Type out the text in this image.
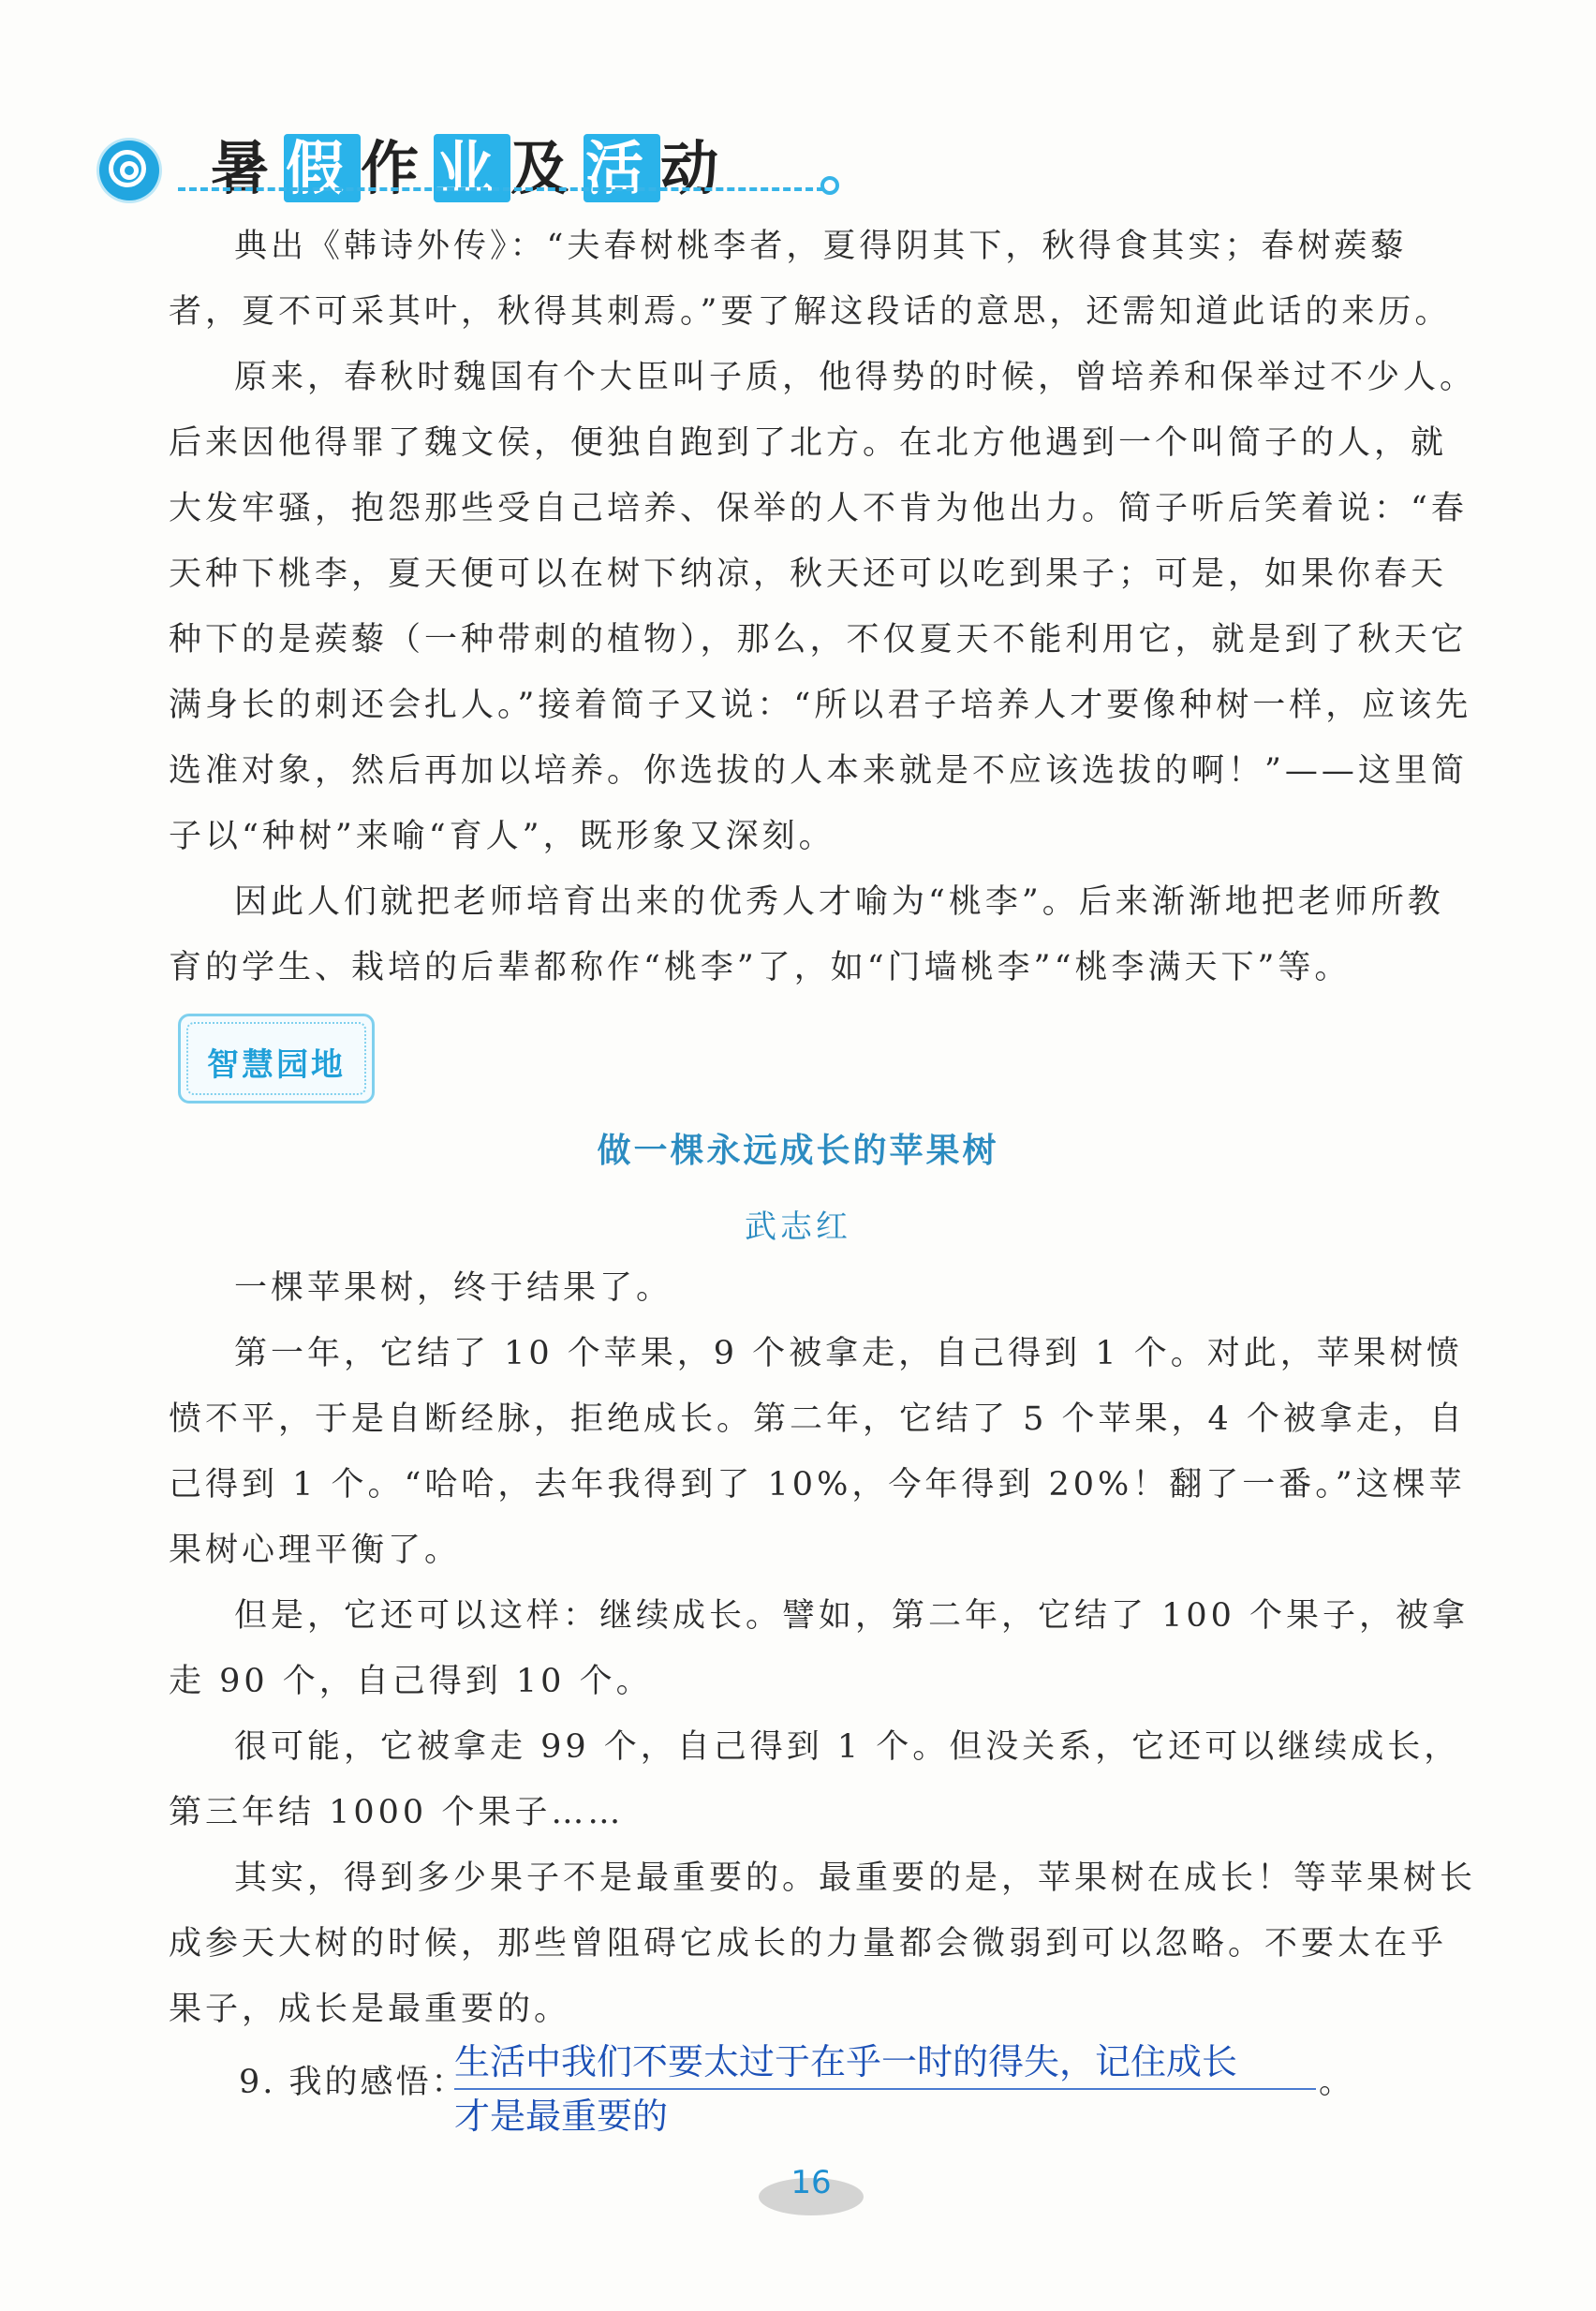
暑假作业及活动

典出《韩诗外传》：“夫春树桃李者，夏得阴其下，秋得食其实；春树蒺藜者，夏不可采其叶，秋得其刺焉。”要了解这段话的意思，还需知道此话的来历。

原来，春秋时魏国有个大臣叫子质，他得势的时候，曾培养和保举过不少人。后来因他得罪了魏文侯，便独自跑到了北方。在北方他遇到一个叫简子的人，就大发牢骚，抱怨那些受自己培养、保举的人不肯为他出力。简子听后笑着说：“春天种下桃李，夏天便可以在树下纳凉，秋天还可以吃到果子；可是，如果你春天种下的是蒺藜（一种带刺的植物），那么，不仅夏天不能利用它，就是到了秋天它满身长的刺还会扎人。”接着简子又说：“所以君子培养人才要像种树一样，应该先选准对象，然后再加以培养。你选拔的人本来就是不应该选拔的啊！”——这里简子以“种树”来喻“育人”，既形象又深刻。

因此人们就把老师培育出来的优秀人才喻为“桃李”。后来渐渐地把老师所教育的学生、栽培的后辈都称作“桃李”了，如“门墙桃李”“桃李满天下”等。

智慧园地
做一棵永远成长的苹果树
武志红

一棵苹果树，终于结果了。

第一年，它结了 10 个苹果，9 个被拿走，自己得到 1 个。对此，苹果树愤愤不平，于是自断经脉，拒绝成长。第二年，它结了 5 个苹果，4 个被拿走，自己得到 1 个。“哈哈，去年我得到了 10%，今年得到 20%！翻了一番。”这棵苹果树心理平衡了。

但是，它还可以这样：继续成长。譬如，第二年，它结了 100 个果子，被拿走 90 个，自己得到 10 个。

很可能，它被拿走 99 个，自己得到 1 个。但没关系，它还可以继续成长，第三年结 1000 个果子……

其实，得到多少果子不是最重要的。最重要的是，苹果树在成长！等苹果树长成参天大树的时候，那些曾阻碍它成长的力量都会微弱到可以忽略。不要太在乎果子，成长是最重要的。

9. 我的感悟：
生活中我们不要太过于在乎一时的得失，记住成长	。
才是最重要的
16
